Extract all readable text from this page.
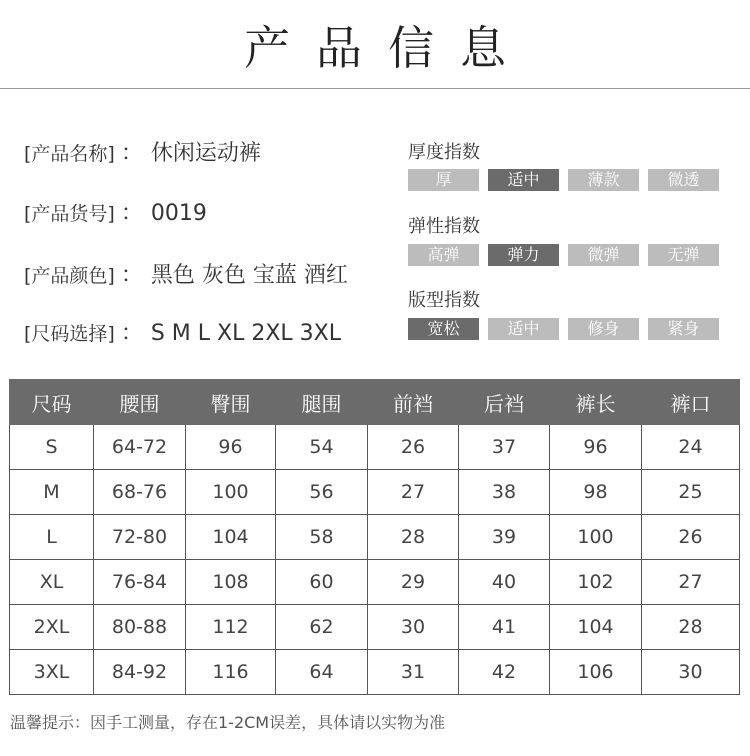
产品信息
[产品名称] ： 休闲运动裤
[产品货号] ： 0019
[产品颜色] ： 黑色 灰色 宝蓝 酒红
[尺码选择] ： S M L XL 2XL 3XL
厚度指数
厚	适中	薄款	微透
弹性指数
高弹	弹力	微弹	无弹
版型指数
宽松	适中	修身	紧身
尺码	腰围	臀围	腿围	前裆	后裆	裤长	裤口
S	64-72	96	54	26	37	96	24
M	68-76	100	56	27	38	98	25
L	72-80	104	58	28	39	100	26
XL	76-84	108	60	29	40	102	27
2XL	80-88	112	62	30	41	104	28
3XL	84-92	116	64	31	42	106	30
温馨提示：因手工测量，存在1-2CM误差，具体请以实物为准
